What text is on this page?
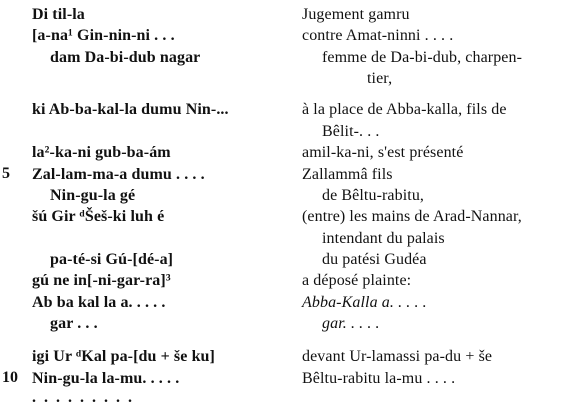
5
10
Di til-la
[a-na¹ Gin-nin-ni . . .
dam Da-bi-dub nagar
ki Ab-ba-kal-la dumu Nin-...
la²-ka-ni gub-ba-ám
Zal-lam-ma-a dumu . . . .
Nin-gu-la gé
šú Gir ᵈŠeš-ki luh é
pa-té-si Gú-[dé-a]
gú ne in[-ni-gar-ra]³
Ab ba kal la a. . . . .
gar . . .
igi Ur ᵈKal pa-[du + še ku]
Nin-gu-la la-mu. . . . .
. . . . . . . . .
Jugement gamru
contre Amat-ninni . . . .
femme de Da-bi-dub, charpen-
tier,
à la place de Abba-kalla, fils de
Bêlit-. . .
amil-ka-ni, s'est présenté
Zallammâ fils
de Bêltu-rabitu,
(entre) les mains de Arad-Nannar,
intendant du palais
du patési Gudéa
a déposé plainte:
Abba-Kalla a. . . . .
gar. . . . .
devant Ur-lamassi pa-du + še
Bêltu-rabitu la-mu . . . .
